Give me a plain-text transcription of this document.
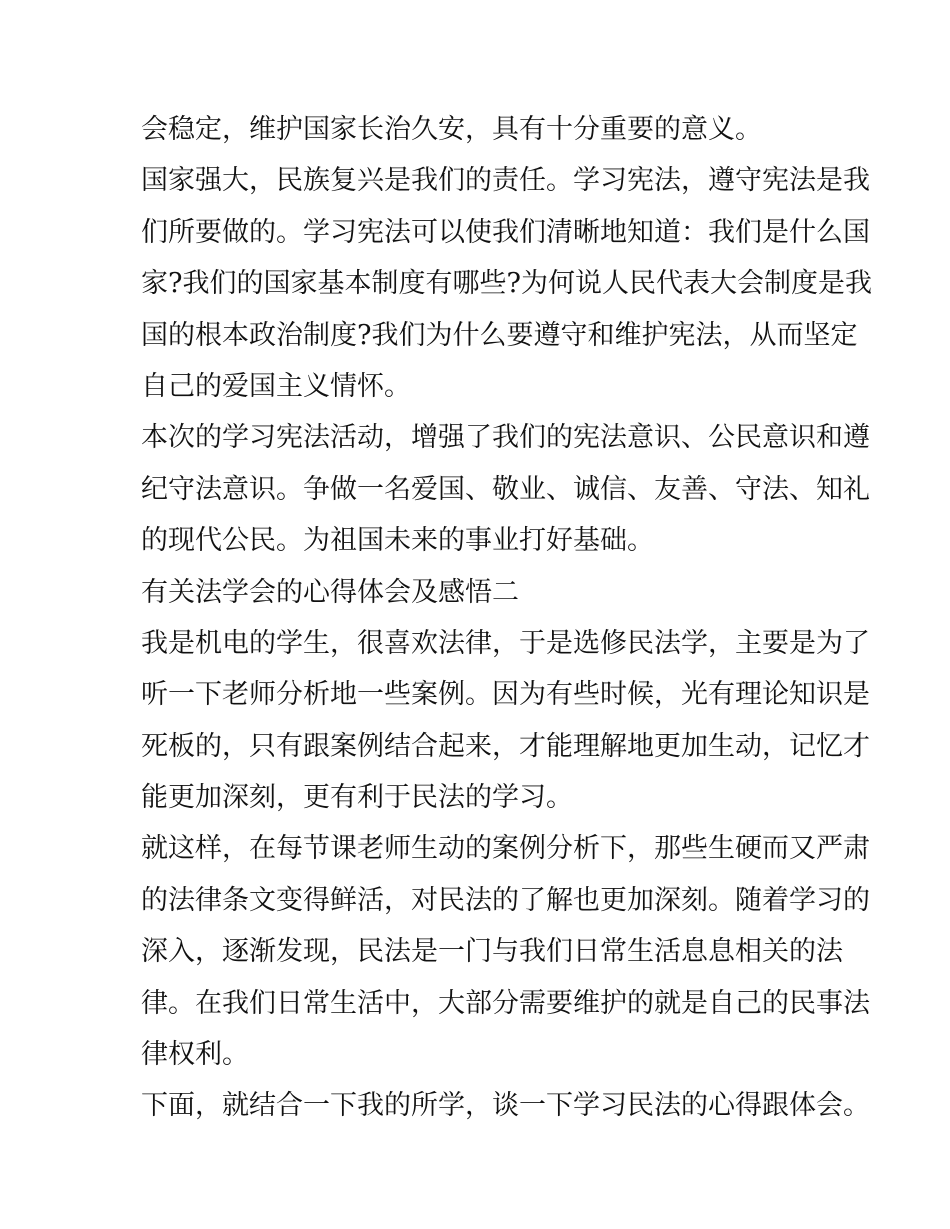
会稳定，维护国家长治久安，具有十分重要的意义。

国家强大，民族复兴是我们的责任。学习宪法，遵守宪法是我
们所要做的。学习宪法可以使我们清晰地知道：我们是什么国
家?我们的国家基本制度有哪些?为何说人民代表大会制度是我
国的根本政治制度?我们为什么要遵守和维护宪法，从而坚定
自己的爱国主义情怀。

本次的学习宪法活动，增强了我们的宪法意识、公民意识和遵
纪守法意识。争做一名爱国、敬业、诚信、友善、守法、知礼
的现代公民。为祖国未来的事业打好基础。

有关法学会的心得体会及感悟二

我是机电的学生，很喜欢法律，于是选修民法学，主要是为了
听一下老师分析地一些案例。因为有些时候，光有理论知识是
死板的，只有跟案例结合起来，才能理解地更加生动，记忆才
能更加深刻，更有利于民法的学习。

就这样，在每节课老师生动的案例分析下，那些生硬而又严肃
的法律条文变得鲜活，对民法的了解也更加深刻。随着学习的
深入，逐渐发现，民法是一门与我们日常生活息息相关的法
律。在我们日常生活中，大部分需要维护的就是自己的民事法
律权利。

下面，就结合一下我的所学，谈一下学习民法的心得跟体会。
